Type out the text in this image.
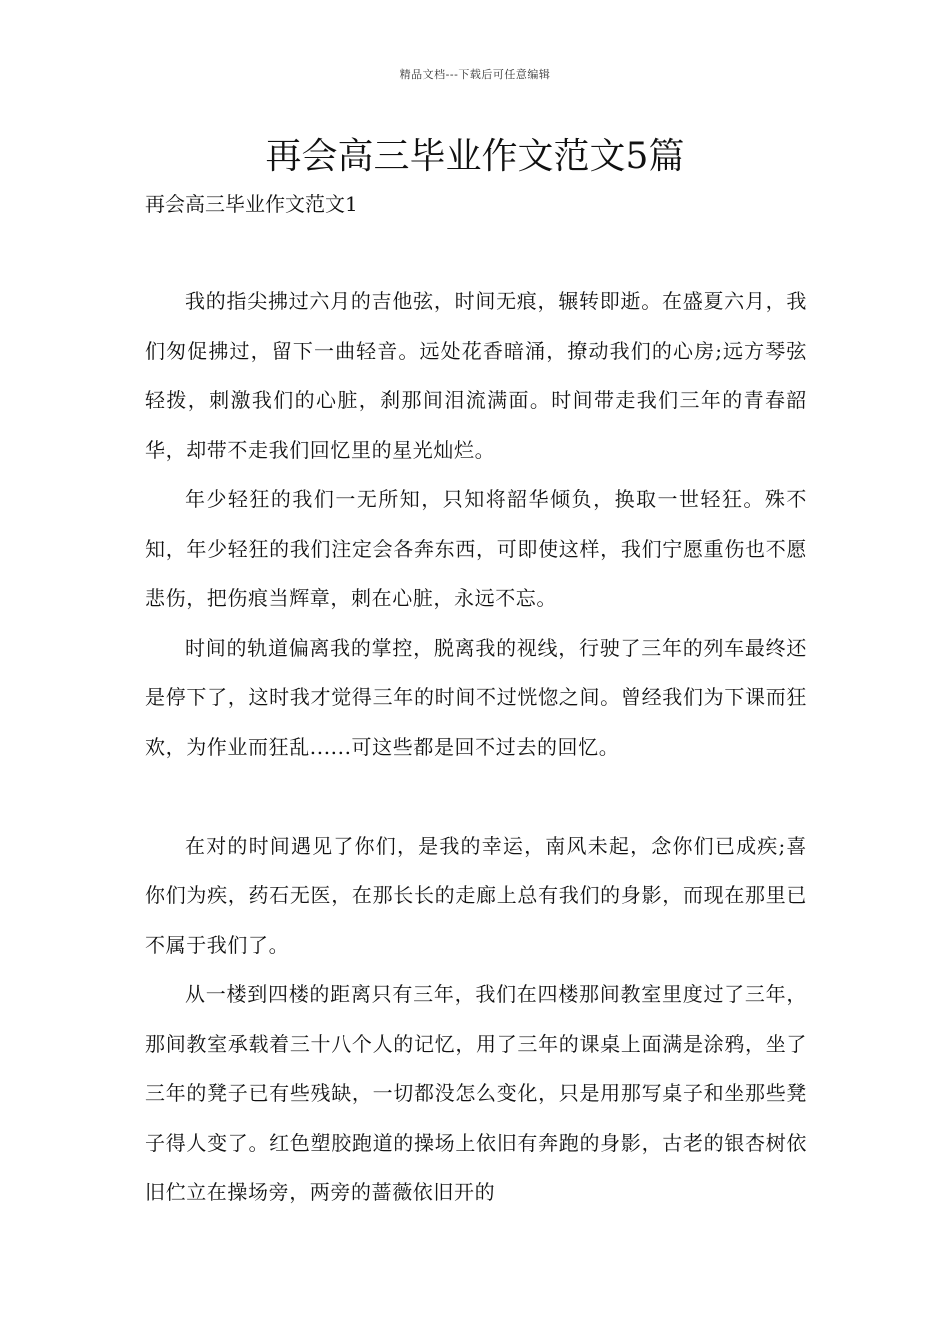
精品文档---下载后可任意编辑
再会高三毕业作文范文5篇
再会高三毕业作文范文1

我的指尖拂过六月的吉他弦，时间无痕，辗转即逝。在盛夏六月，我们匆促拂过，留下一曲轻音。远处花香暗涌，撩动我们的心房;远方琴弦轻拨，刺激我们的心脏，刹那间泪流满面。时间带走我们三年的青春韶华，却带不走我们回忆里的星光灿烂。

年少轻狂的我们一无所知，只知将韶华倾负，换取一世轻狂。殊不知，年少轻狂的我们注定会各奔东西，可即使这样，我们宁愿重伤也不愿悲伤，把伤痕当辉章，刺在心脏，永远不忘。

时间的轨道偏离我的掌控，脱离我的视线，行驶了三年的列车最终还是停下了，这时我才觉得三年的时间不过恍惚之间。曾经我们为下课而狂欢，为作业而狂乱......可这些都是回不过去的回忆。

在对的时间遇见了你们，是我的幸运，南风未起，念你们已成疾;喜你们为疾，药石无医，在那长长的走廊上总有我们的身影，而现在那里已不属于我们了。

从一楼到四楼的距离只有三年，我们在四楼那间教室里度过了三年，那间教室承载着三十八个人的记忆，用了三年的课桌上面满是涂鸦，坐了三年的凳子已有些残缺，一切都没怎么变化，只是用那写桌子和坐那些凳子得人变了。红色塑胶跑道的操场上依旧有奔跑的身影，古老的银杏树依旧伫立在操场旁，两旁的蔷薇依旧开的
